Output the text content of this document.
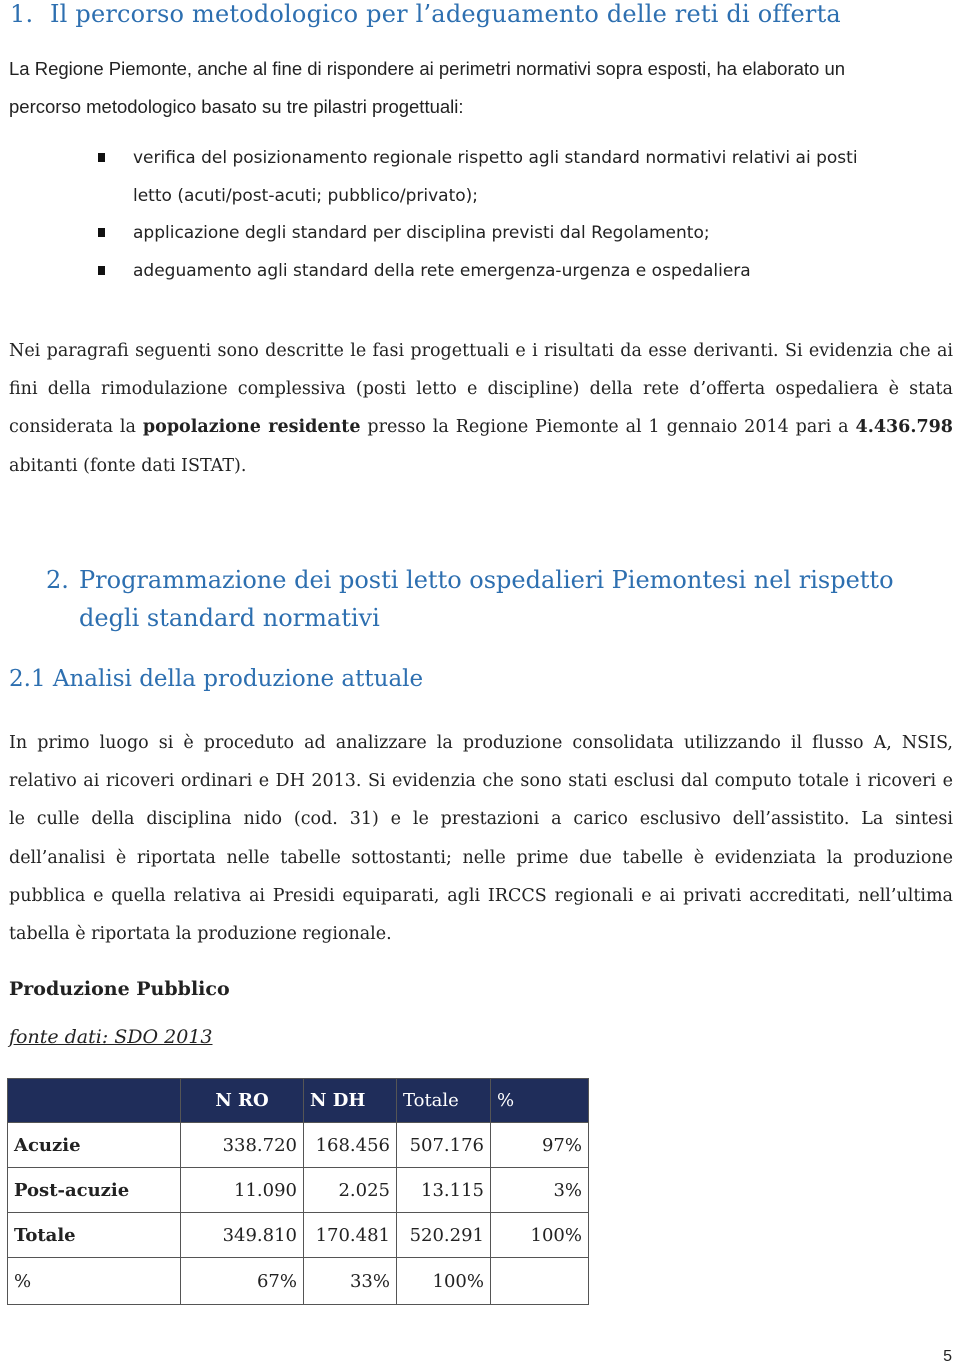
1. Il percorso metodologico per l’adeguamento delle reti di offerta
La Regione Piemonte, anche al fine di rispondere ai perimetri normativi sopra esposti, ha elaborato un
percorso metodologico basato su tre pilastri progettuali:
verifica del posizionamento regionale rispetto agli standard normativi relativi ai posti
letto (acuti/post-acuti; pubblico/privato);
applicazione degli standard per disciplina previsti dal Regolamento;
adeguamento agli standard della rete emergenza-urgenza e ospedaliera
Nei paragrafi seguenti sono descritte le fasi progettuali e i risultati da esse derivanti. Si evidenzia che ai fini della rimodulazione complessiva (posti letto e discipline) della rete d’offerta ospedaliera è stata considerata la popolazione residente presso la Regione Piemonte al 1 gennaio 2014 pari a 4.436.798 abitanti (fonte dati ISTAT).
2. Programmazione dei posti letto ospedalieri Piemontesi nel rispetto
degli standard normativi
2.1 Analisi della produzione attuale
In primo luogo si è proceduto ad analizzare la produzione consolidata utilizzando il flusso A, NSIS, relativo ai ricoveri ordinari e DH 2013. Si evidenzia che sono stati esclusi dal computo totale i ricoveri e le culle della disciplina nido (cod. 31) e le prestazioni a carico esclusivo dell’assistito. La sintesi dell’analisi è riportata nelle tabelle sottostanti; nelle prime due tabelle è evidenziata la produzione pubblica e quella relativa ai Presidi equiparati, agli IRCCS regionali e ai privati accreditati, nell’ultima tabella è riportata la produzione regionale.
Produzione Pubblico
fonte dati: SDO 2013
	N RO	N DH	Totale	%
Acuzie	338.720	168.456	507.176	97%
Post-acuzie	11.090	2.025	13.115	3%
Totale	349.810	170.481	520.291	100%
%	67%	33%	100%	
5
